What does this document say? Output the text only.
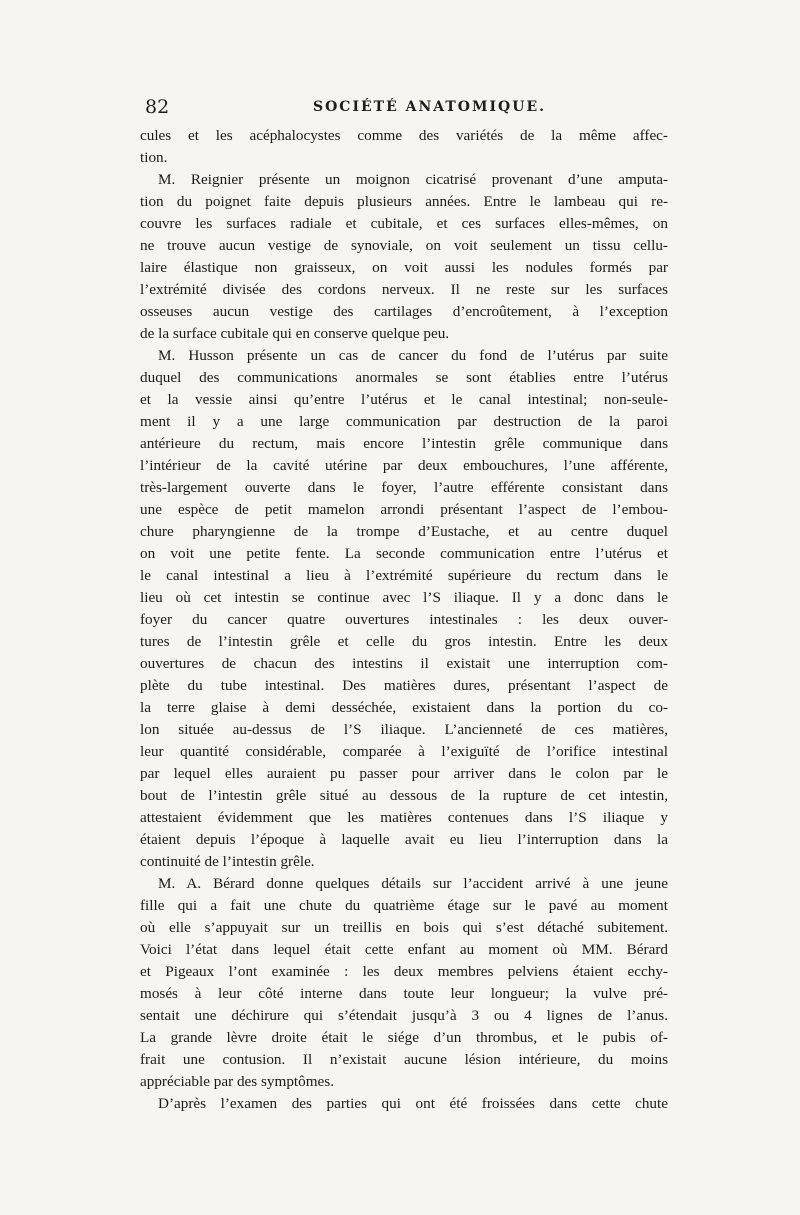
82	SOCIÉTÉ ANATOMIQUE.
cules et les acéphalocystes comme des variétés de la même affec-
tion.
M. Reignier présente un moignon cicatrisé provenant d’une amputa-
tion du poignet faite depuis plusieurs années. Entre le lambeau qui re-
couvre les surfaces radiale et cubitale, et ces surfaces elles-mêmes, on
ne trouve aucun vestige de synoviale, on voit seulement un tissu cellu-
laire élastique non graisseux, on voit aussi les nodules formés par
l’extrémité divisée des cordons nerveux. Il ne reste sur les surfaces
osseuses aucun vestige des cartilages d’encroûtement, à l’exception
de la surface cubitale qui en conserve quelque peu.
M. Husson présente un cas de cancer du fond de l’utérus par suite
duquel des communications anormales se sont établies entre l’utérus
et la vessie ainsi qu’entre l’utérus et le canal intestinal; non-seule-
ment il y a une large communication par destruction de la paroi
antérieure du rectum, mais encore l’intestin grêle communique dans
l’intérieur de la cavité utérine par deux embouchures, l’une afférente,
très-largement ouverte dans le foyer, l’autre efférente consistant dans
une espèce de petit mamelon arrondi présentant l’aspect de l’embou-
chure pharyngienne de la trompe d’Eustache, et au centre duquel
on voit une petite fente. La seconde communication entre l’utérus et
le canal intestinal a lieu à l’extrémité supérieure du rectum dans le
lieu où cet intestin se continue avec l’S iliaque. Il y a donc dans le
foyer du cancer quatre ouvertures intestinales : les deux ouver-
tures de l’intestin grêle et celle du gros intestin. Entre les deux
ouvertures de chacun des intestins il existait une interruption com-
plète du tube intestinal. Des matières dures, présentant l’aspect de
la terre glaise à demi desséchée, existaient dans la portion du co-
lon située au-dessus de l’S iliaque. L’ancienneté de ces matières,
leur quantité considérable, comparée à l’exiguïté de l’orifice intestinal
par lequel elles auraient pu passer pour arriver dans le colon par le
bout de l’intestin grêle situé au dessous de la rupture de cet intestin,
attestaient évidemment que les matières contenues dans l’S iliaque y
étaient depuis l’époque à laquelle avait eu lieu l’interruption dans la
continuité de l’intestin grêle.
M. A. Bérard donne quelques détails sur l’accident arrivé à une jeune
fille qui a fait une chute du quatrième étage sur le pavé au moment
où elle s’appuyait sur un treillis en bois qui s’est détaché subitement.
Voici l’état dans lequel était cette enfant au moment où MM. Bérard
et Pigeaux l’ont examinée : les deux membres pelviens étaient ecchy-
mosés à leur côté interne dans toute leur longueur; la vulve pré-
sentait une déchirure qui s’étendait jusqu’à 3 ou 4 lignes de l’anus.
La grande lèvre droite était le siége d’un thrombus, et le pubis of-
frait une contusion. Il n’existait aucune lésion intérieure, du moins
appréciable par des symptômes.
D’après l’examen des parties qui ont été froissées dans cette chute
